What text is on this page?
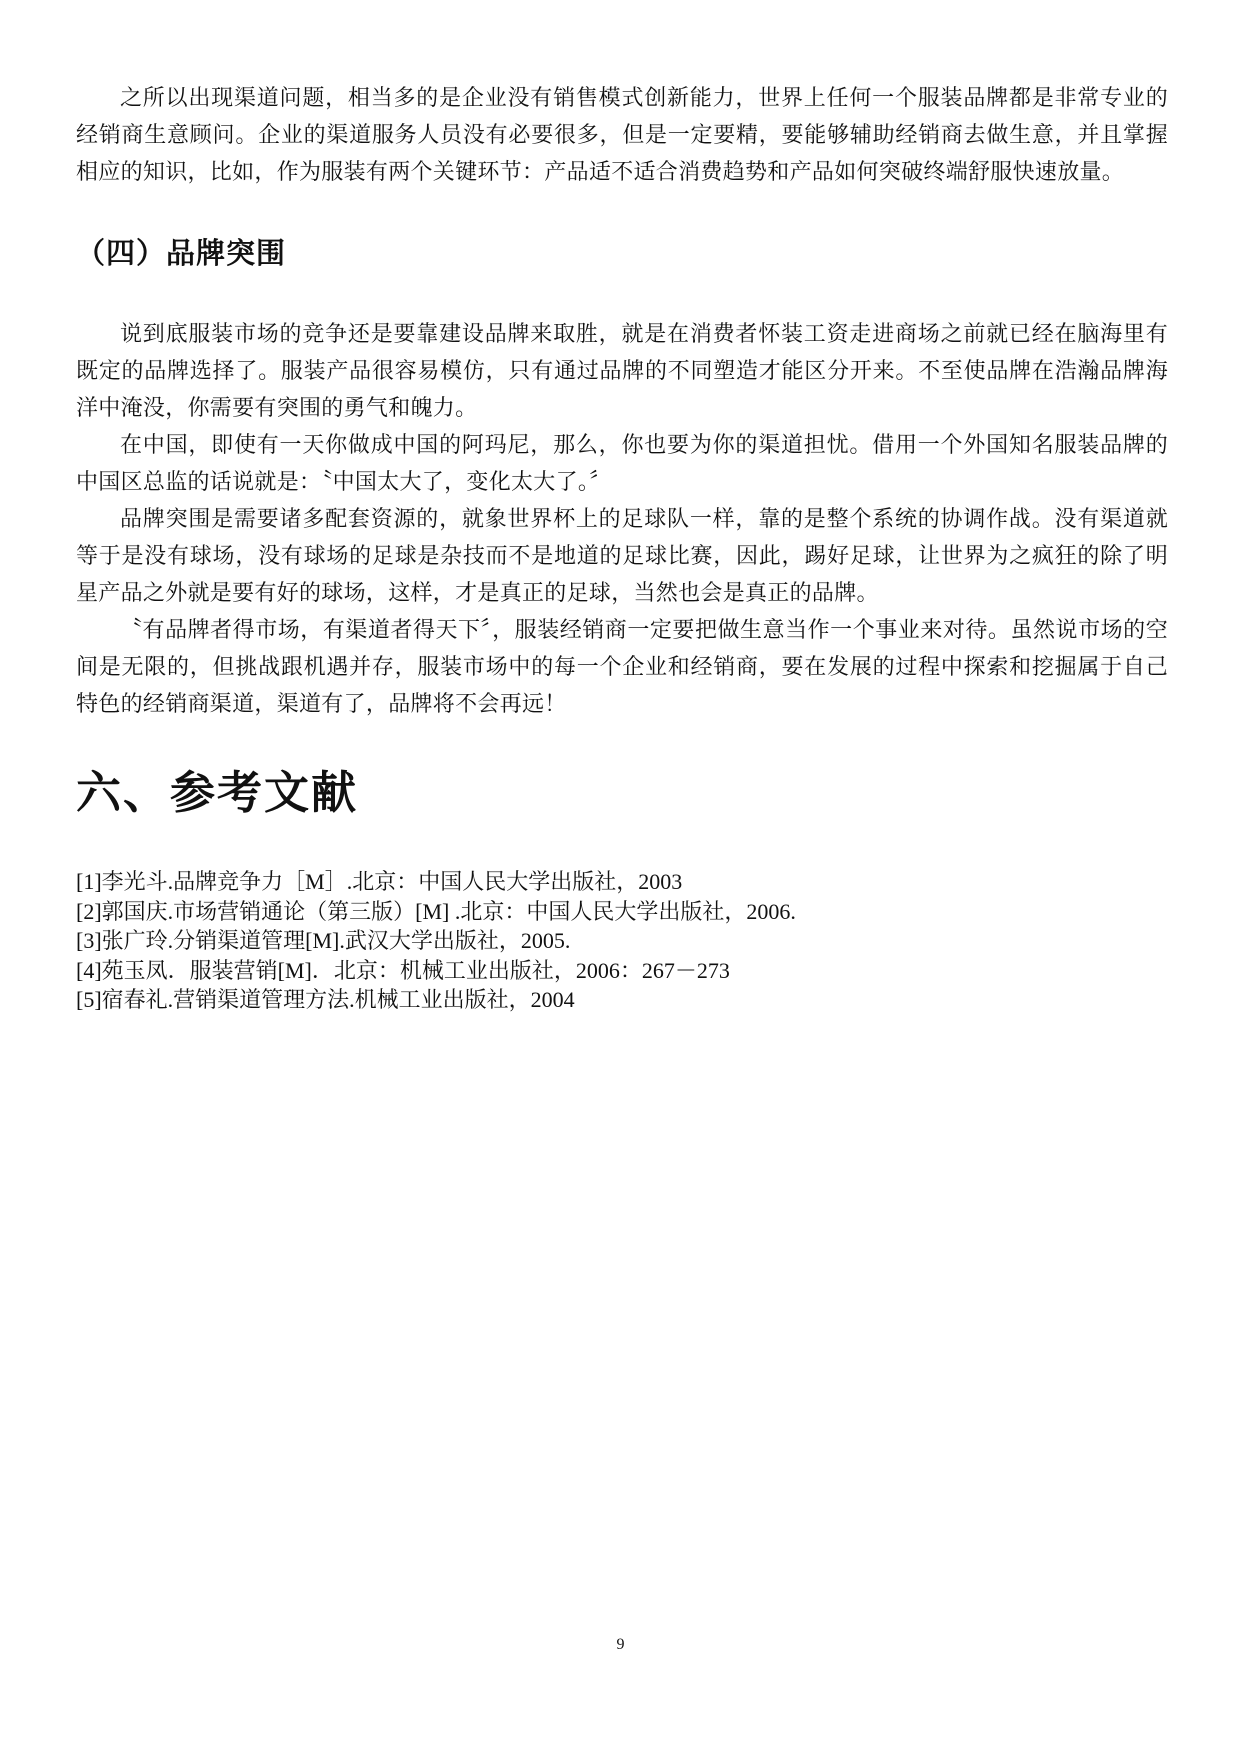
之所以出现渠道问题，相当多的是企业没有销售模式创新能力，世界上任何一个服装品牌都是非常专业的经销商生意顾问。企业的渠道服务人员没有必要很多，但是一定要精，要能够辅助经销商去做生意，并且掌握相应的知识，比如，作为服装有两个关键环节：产品适不适合消费趋势和产品如何突破终端舒服快速放量。

（四）品牌突围

说到底服装市场的竞争还是要靠建设品牌来取胜，就是在消费者怀装工资走进商场之前就已经在脑海里有既定的品牌选择了。服装产品很容易模仿，只有通过品牌的不同塑造才能区分开来。不至使品牌在浩瀚品牌海洋中淹没，你需要有突围的勇气和魄力。

在中国，即使有一天你做成中国的阿玛尼，那么，你也要为你的渠道担忧。借用一个外国知名服装品牌的中国区总监的话说就是：〝中国太大了，变化太大了。〞

品牌突围是需要诸多配套资源的，就象世界杯上的足球队一样，靠的是整个系统的协调作战。没有渠道就等于是没有球场，没有球场的足球是杂技而不是地道的足球比赛，因此，踢好足球，让世界为之疯狂的除了明星产品之外就是要有好的球场，这样，才是真正的足球，当然也会是真正的品牌。

〝有品牌者得市场，有渠道者得天下〞，服装经销商一定要把做生意当作一个事业来对待。虽然说市场的空间是无限的，但挑战跟机遇并存，服装市场中的每一个企业和经销商，要在发展的过程中探索和挖掘属于自己特色的经销商渠道，渠道有了，品牌将不会再远！

六、参考文献
[1]李光斗.品牌竞争力［M］.北京：中国人民大学出版社，2003
[2]郭国庆.市场营销通论（第三版）[M] .北京：中国人民大学出版社，2006.
[3]张广玲.分销渠道管理[M].武汉大学出版社，2005.
[4]苑玉凤．服装营销[M]．北京：机械工业出版社，2006：267－273
[5]宿春礼.营销渠道管理方法.机械工业出版社，2004
9
